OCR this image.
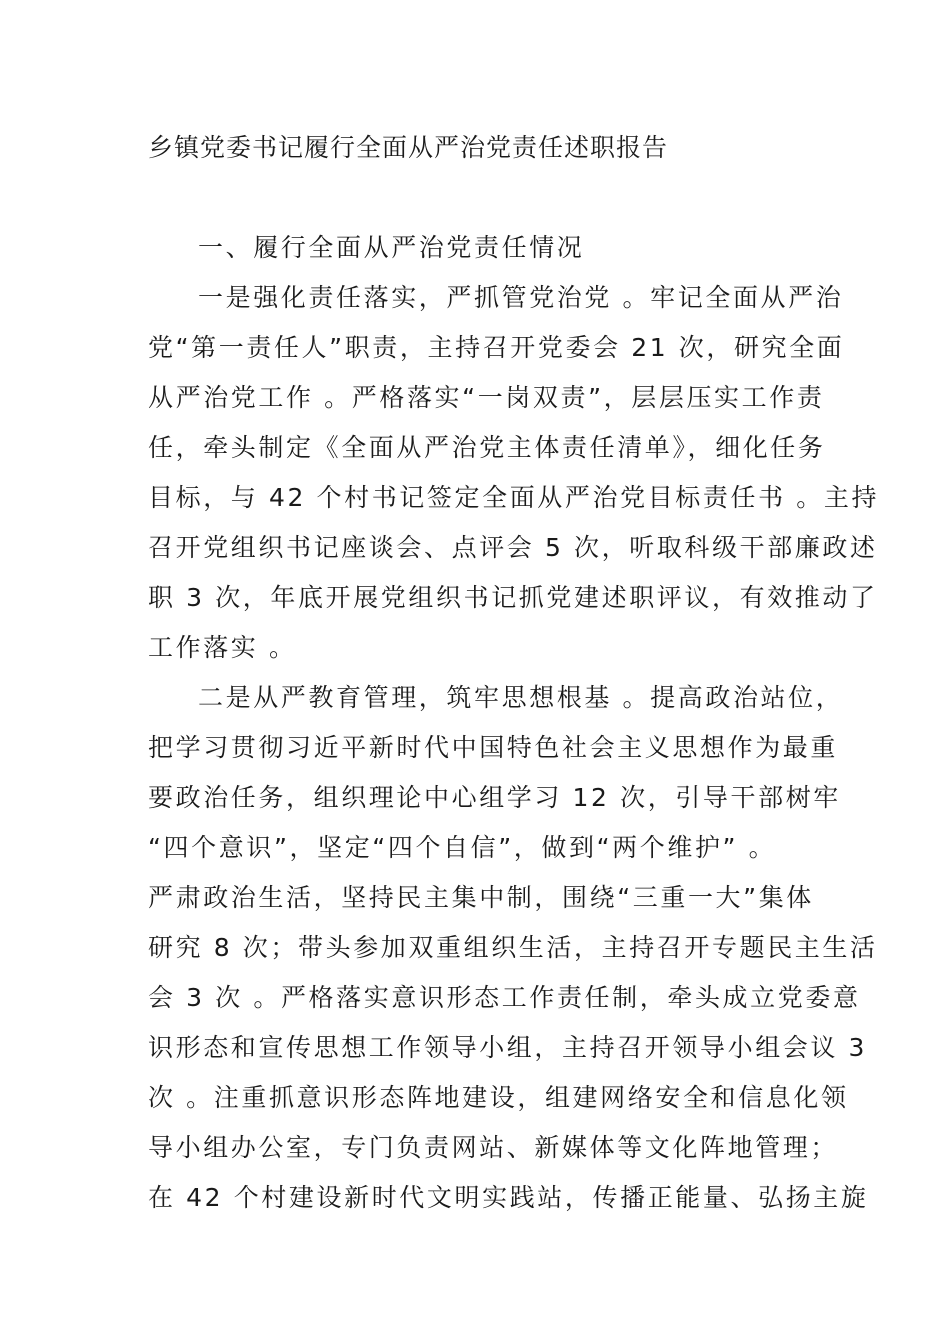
乡镇党委书记履行全面从严治党责任述职报告

一、履行全面从严治党责任情况

一是强化责任落实，严抓管党治党 。牢记全面从严治

党“第一责任人”职责，主持召开党委会 21 次，研究全面

从严治党工作 。严格落实“一岗双责”，层层压实工作责

任，牵头制定《全面从严治党主体责任清单》，细化任务

目标，与 42 个村书记签定全面从严治党目标责任书 。主持

召开党组织书记座谈会、点评会 5 次，听取科级干部廉政述

职 3 次，年底开展党组织书记抓党建述职评议，有效推动了

工作落实 。

二是从严教育管理，筑牢思想根基 。提高政治站位，

把学习贯彻习近平新时代中国特色社会主义思想作为最重

要政治任务，组织理论中心组学习 12 次，引导干部树牢

“四个意识”，坚定“四个自信”，做到“两个维护” 。

严肃政治生活，坚持民主集中制，围绕“三重一大”集体

研究 8 次；带头参加双重组织生活，主持召开专题民主生活

会 3 次 。严格落实意识形态工作责任制，牵头成立党委意

识形态和宣传思想工作领导小组，主持召开领导小组会议 3

次 。注重抓意识形态阵地建设，组建网络安全和信息化领

导小组办公室，专门负责网站、新媒体等文化阵地管理；

在 42 个村建设新时代文明实践站，传播正能量、弘扬主旋
